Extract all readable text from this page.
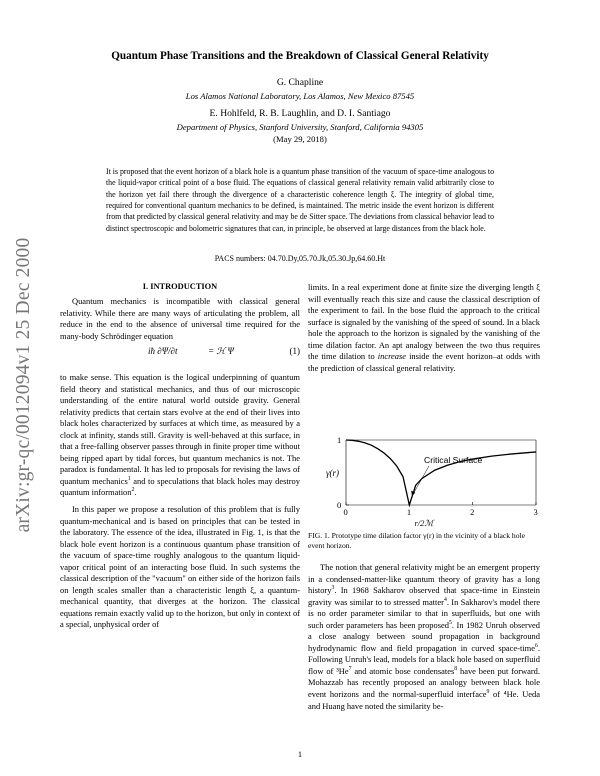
arXiv:gr-qc/0012094v1 25 Dec 2000
Quantum Phase Transitions and the Breakdown of Classical General Relativity
G. Chapline
Los Alamos National Laboratory, Los Alamos, New Mexico 87545
E. Hohlfeld, R. B. Laughlin, and D. I. Santiago
Department of Physics, Stanford University, Stanford, California 94305
(May 29, 2018)
It is proposed that the event horizon of a black hole is a quantum phase transition of the vacuum of space-time analogous to the liquid-vapor critical point of a bose fluid. The equations of classical general relativity remain valid arbitrarily close to the horizon yet fail there through the divergence of a characteristic coherence length ξ. The integrity of global time, required for conventional quantum mechanics to be defined, is maintained. The metric inside the event horizon is different from that predicted by classical general relativity and may be de Sitter space. The deviations from classical behavior lead to distinct spectroscopic and bolometric signatures that can, in principle, be observed at large distances from the black hole.
PACS numbers: 04.70.Dy,05.70.Jk,05.30.Jp,64.60.Ht
I. INTRODUCTION

Quantum mechanics is incompatible with classical general relativity. While there are many ways of articulating the problem, all reduce in the end to the absence of universal time required for the many-body Schrödinger equation

iħ ∂Ψ/∂t	= ℋ Ψ	(1)

to make sense. This equation is the logical underpinning of quantum field theory and statistical mechanics, and thus of our microscopic understanding of the entire natural world outside gravity. General relativity predicts that certain stars evolve at the end of their lives into black holes characterized by surfaces at which time, as measured by a clock at infinity, stands still. Gravity is well-behaved at this surface, in that a free-falling observer passes through in finite proper time without being ripped apart by tidal forces, but quantum mechanics is not. The paradox is fundamental. It has led to proposals for revising the laws of quantum mechanics$^1$ and to speculations that black holes may destroy quantum information$^2$.

In this paper we propose a resolution of this problem that is fully quantum-mechanical and is based on principles that can be tested in the laboratory. The essence of the idea, illustrated in Fig. 1, is that the black hole event horizon is a continuous quantum phase transition of the vacuum of space-time roughly analogous to the quantum liquid-vapor critical point of an interacting bose fluid. In such systems the classical description of the "vacuum" on either side of the horizon fails on length scales smaller than a characteristic length ξ, a quantum-mechanical quantity, that diverges at the horizon. The classical equations remain exactly valid up to the horizon, but only in context of a special, unphysical order of

limits. In a real experiment done at finite size the diverging length ξ will eventually reach this size and cause the classical description of the experiment to fail. In the bose fluid the approach to the critical surface is signaled by the vanishing of the speed of sound. In a black hole the approach to the horizon is signaled by the vanishing of the time dilation factor. An apt analogy between the two thus requires the time dilation to increase inside the event horizon–at odds with the prediction of classical general relativity.

0	1	2	3
0
1
γ(r)
Critical Surface
r/2ℳ
FIG. 1. Prototype time dilation factor γ(r) in the vicinity of a black hole event horizon.

The notion that general relativity might be an emergent property in a condensed-matter-like quantum theory of gravity has a long history$^3$. In 1968 Sakharov observed that space-time in Einstein gravity was similar to to stressed matter$^4$. In Sakharov's model there is no order parameter similar to that in superfluids, but one with such order parameters has been proposed$^5$. In 1982 Unruh observed a close analogy between sound propagation in background hydrodynamic flow and field propagation in curved space-time$^6$. Following Unruh's lead, models for a black hole based on superfluid flow of ³He$^7$ and atomic bose condensates$^8$ have been put forward. Mohazzab has recently proposed an analogy between black hole event horizons and the normal-superfluid interface$^9$ of ⁴He. Ueda and Huang have noted the similarity be-

1
